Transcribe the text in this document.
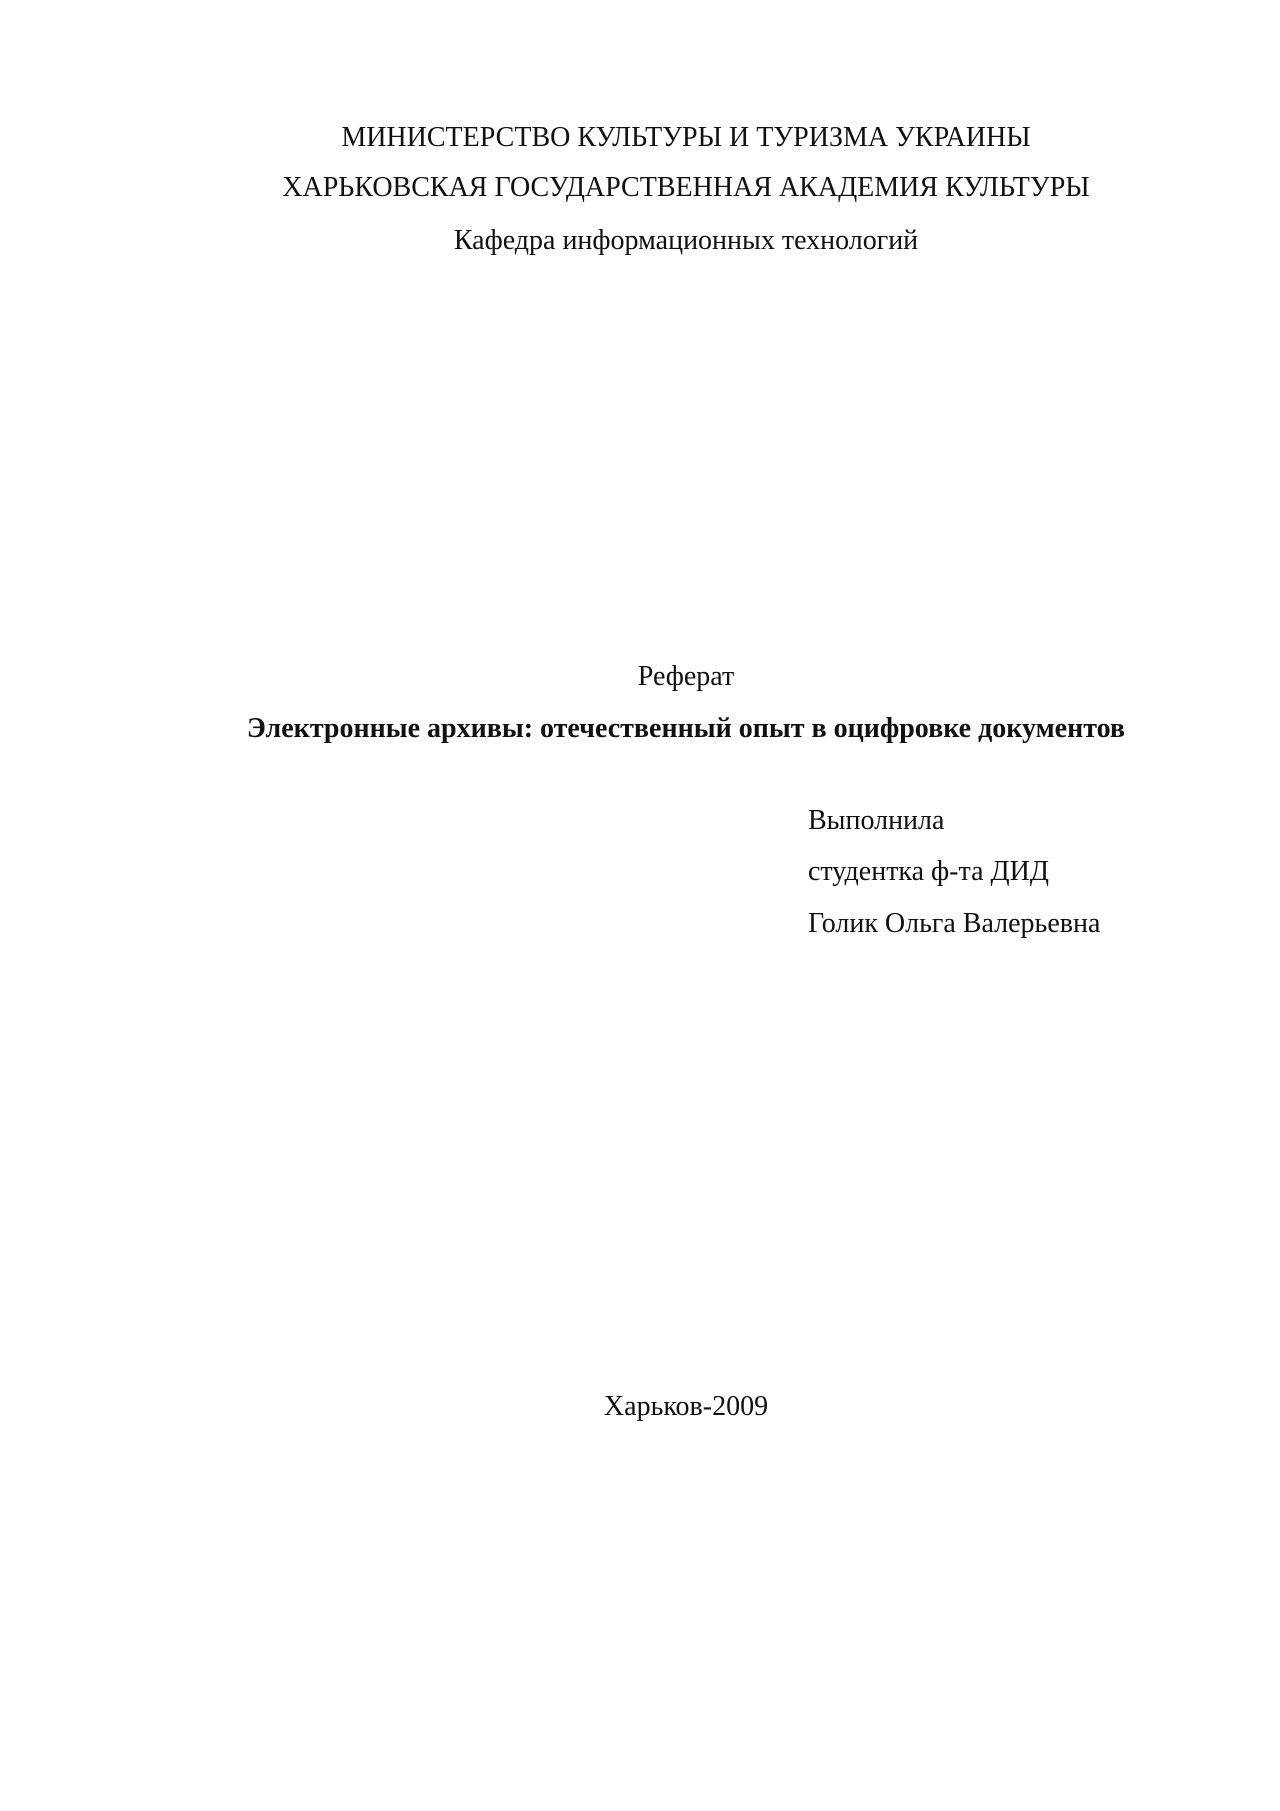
МИНИСТЕРСТВО КУЛЬТУРЫ И ТУРИЗМА УКРАИНЫ
ХАРЬКОВСКАЯ ГОСУДАРСТВЕННАЯ АКАДЕМИЯ КУЛЬТУРЫ
Кафедра информационных технологий
Реферат
Электронные архивы: отечественный опыт в оцифровке документов
Выполнила
студентка ф-та ДИД
Голик Ольга Валерьевна
Харьков-2009
